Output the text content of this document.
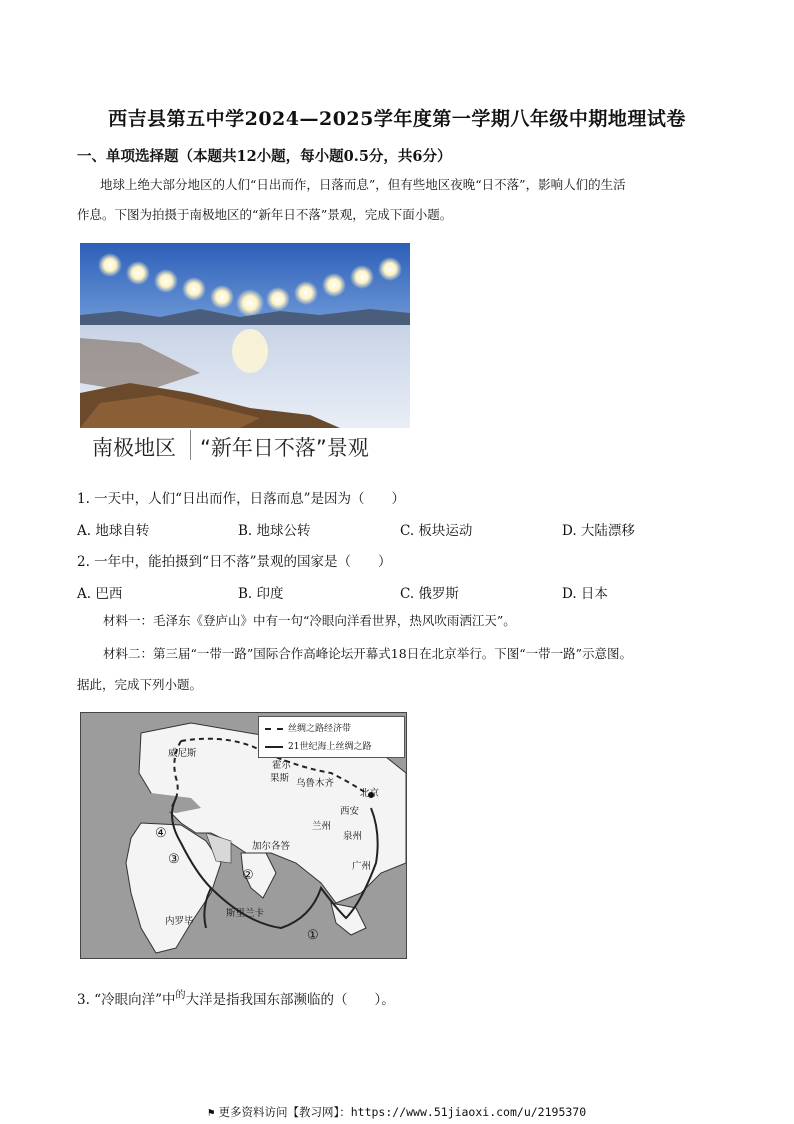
西吉县第五中学2024—2025学年度第一学期八年级中期地理试卷
一、单项选择题（本题共12小题，每小题0.5分，共6分）
地球上绝大部分地区的人们“日出而作，日落而息”，但有些地区夜晚“日不落”，影响人们的生活
作息。下图为拍摄于南极地区的“新年日不落”景观，完成下面小题。
南极地区 “新年日不落”景观
1. 一天中，人们“日出而作，日落而息”是因为（　　）
A. 地球自转	B. 地球公转	C. 板块运动	D. 大陆漂移
2. 一年中，能拍摄到“日不落”景观的国家是（　　）
A. 巴西	B. 印度	C. 俄罗斯	D. 日本
材料一：毛泽东《登庐山》中有一句“冷眼向洋看世界，热风吹雨洒江天”。
材料二：第三届“一带一路”国际合作高峰论坛开幕式18日在北京举行。下图“一带一路”示意图。
据此，完成下列小题。
丝绸之路经济带
21世纪海上丝绸之路
威尼斯
霍尔
果斯 乌鲁木齐
北京
西安
兰州
泉州
广州
加尔各答
内罗毕
斯里兰卡
①
②
③
④
3. “冷眼向洋”中$^的$大洋是指我国东部濒临的（　　）。
⚑ 更多资料访问【教习网】：https://www.51jiaoxi.com/u/2195370
